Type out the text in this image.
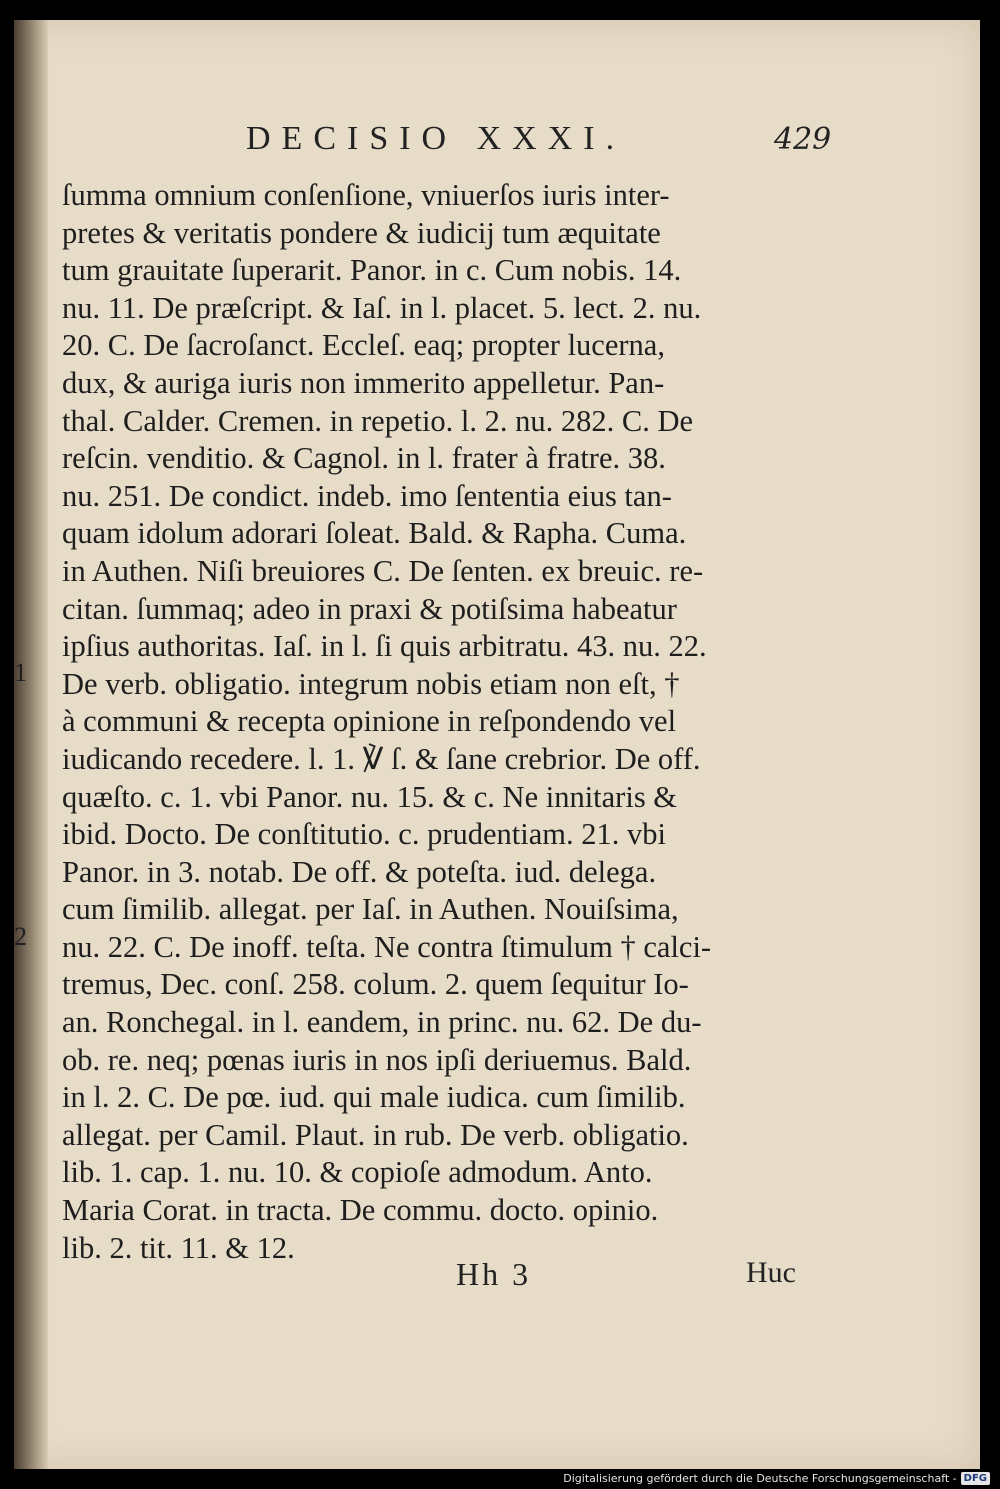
DECISIO XXXI.	429
ſumma omnium conſenſione, vniuerſos iuris inter-
pretes & veritatis pondere & iudicij tum æquitate
tum grauitate ſuperarit. Panor. in c. Cum nobis. 14.
nu. 11. De præſcript. & Iaſ. in l. placet. 5. lect. 2. nu.
20. C. De ſacroſanct. Eccleſ. eaq; propter lucerna,
dux, & auriga iuris non immerito appelletur. Pan-
thal. Calder. Cremen. in repetio. l. 2. nu. 282. C. De
reſcin. venditio. & Cagnol. in l. frater à fratre. 38.
nu. 251. De condict. indeb. imo ſententia eius tan-
quam idolum adorari ſoleat. Bald. & Rapha. Cuma.
in Authen. Niſi breuiores C. De ſenten. ex breuic. re-
citan. ſummaq; adeo in praxi & potiſsima habeatur
ipſius authoritas. Iaſ. in l. ſi quis arbitratu. 43. nu. 22.
De verb. obligatio. integrum nobis etiam non eſt, †
à communi & recepta opinione in reſpondendo vel
iudicando recedere. l. 1. ℣ ſ. & ſane crebrior. De off.
quæſto. c. 1. vbi Panor. nu. 15. & c. Ne innitaris &
ibid. Docto. De conſtitutio. c. prudentiam. 21. vbi
Panor. in 3. notab. De off. & poteſta. iud. delega.
cum ſimilib. allegat. per Iaſ. in Authen. Nouiſsima,
nu. 22. C. De inoff. teſta. Ne contra ſtimulum † calci-
tremus, Dec. conſ. 258. colum. 2. quem ſequitur Io-
an. Ronchegal. in l. eandem, in princ. nu. 62. De du-
ob. re. neq; pœnas iuris in nos ipſi deriuemus. Bald.
in l. 2. C. De pœ. iud. qui male iudica. cum ſimilib.
allegat. per Camil. Plaut. in rub. De verb. obligatio.
lib. 1. cap. 1. nu. 10. & copioſe admodum. Anto.
Maria Corat. in tracta. De commu. docto. opinio.
lib. 2. tit. 11. & 12.
1
2
Hh 3	Huc
Digitalisierung gefördert durch die Deutsche Forschungsgemeinschaft - DFG
